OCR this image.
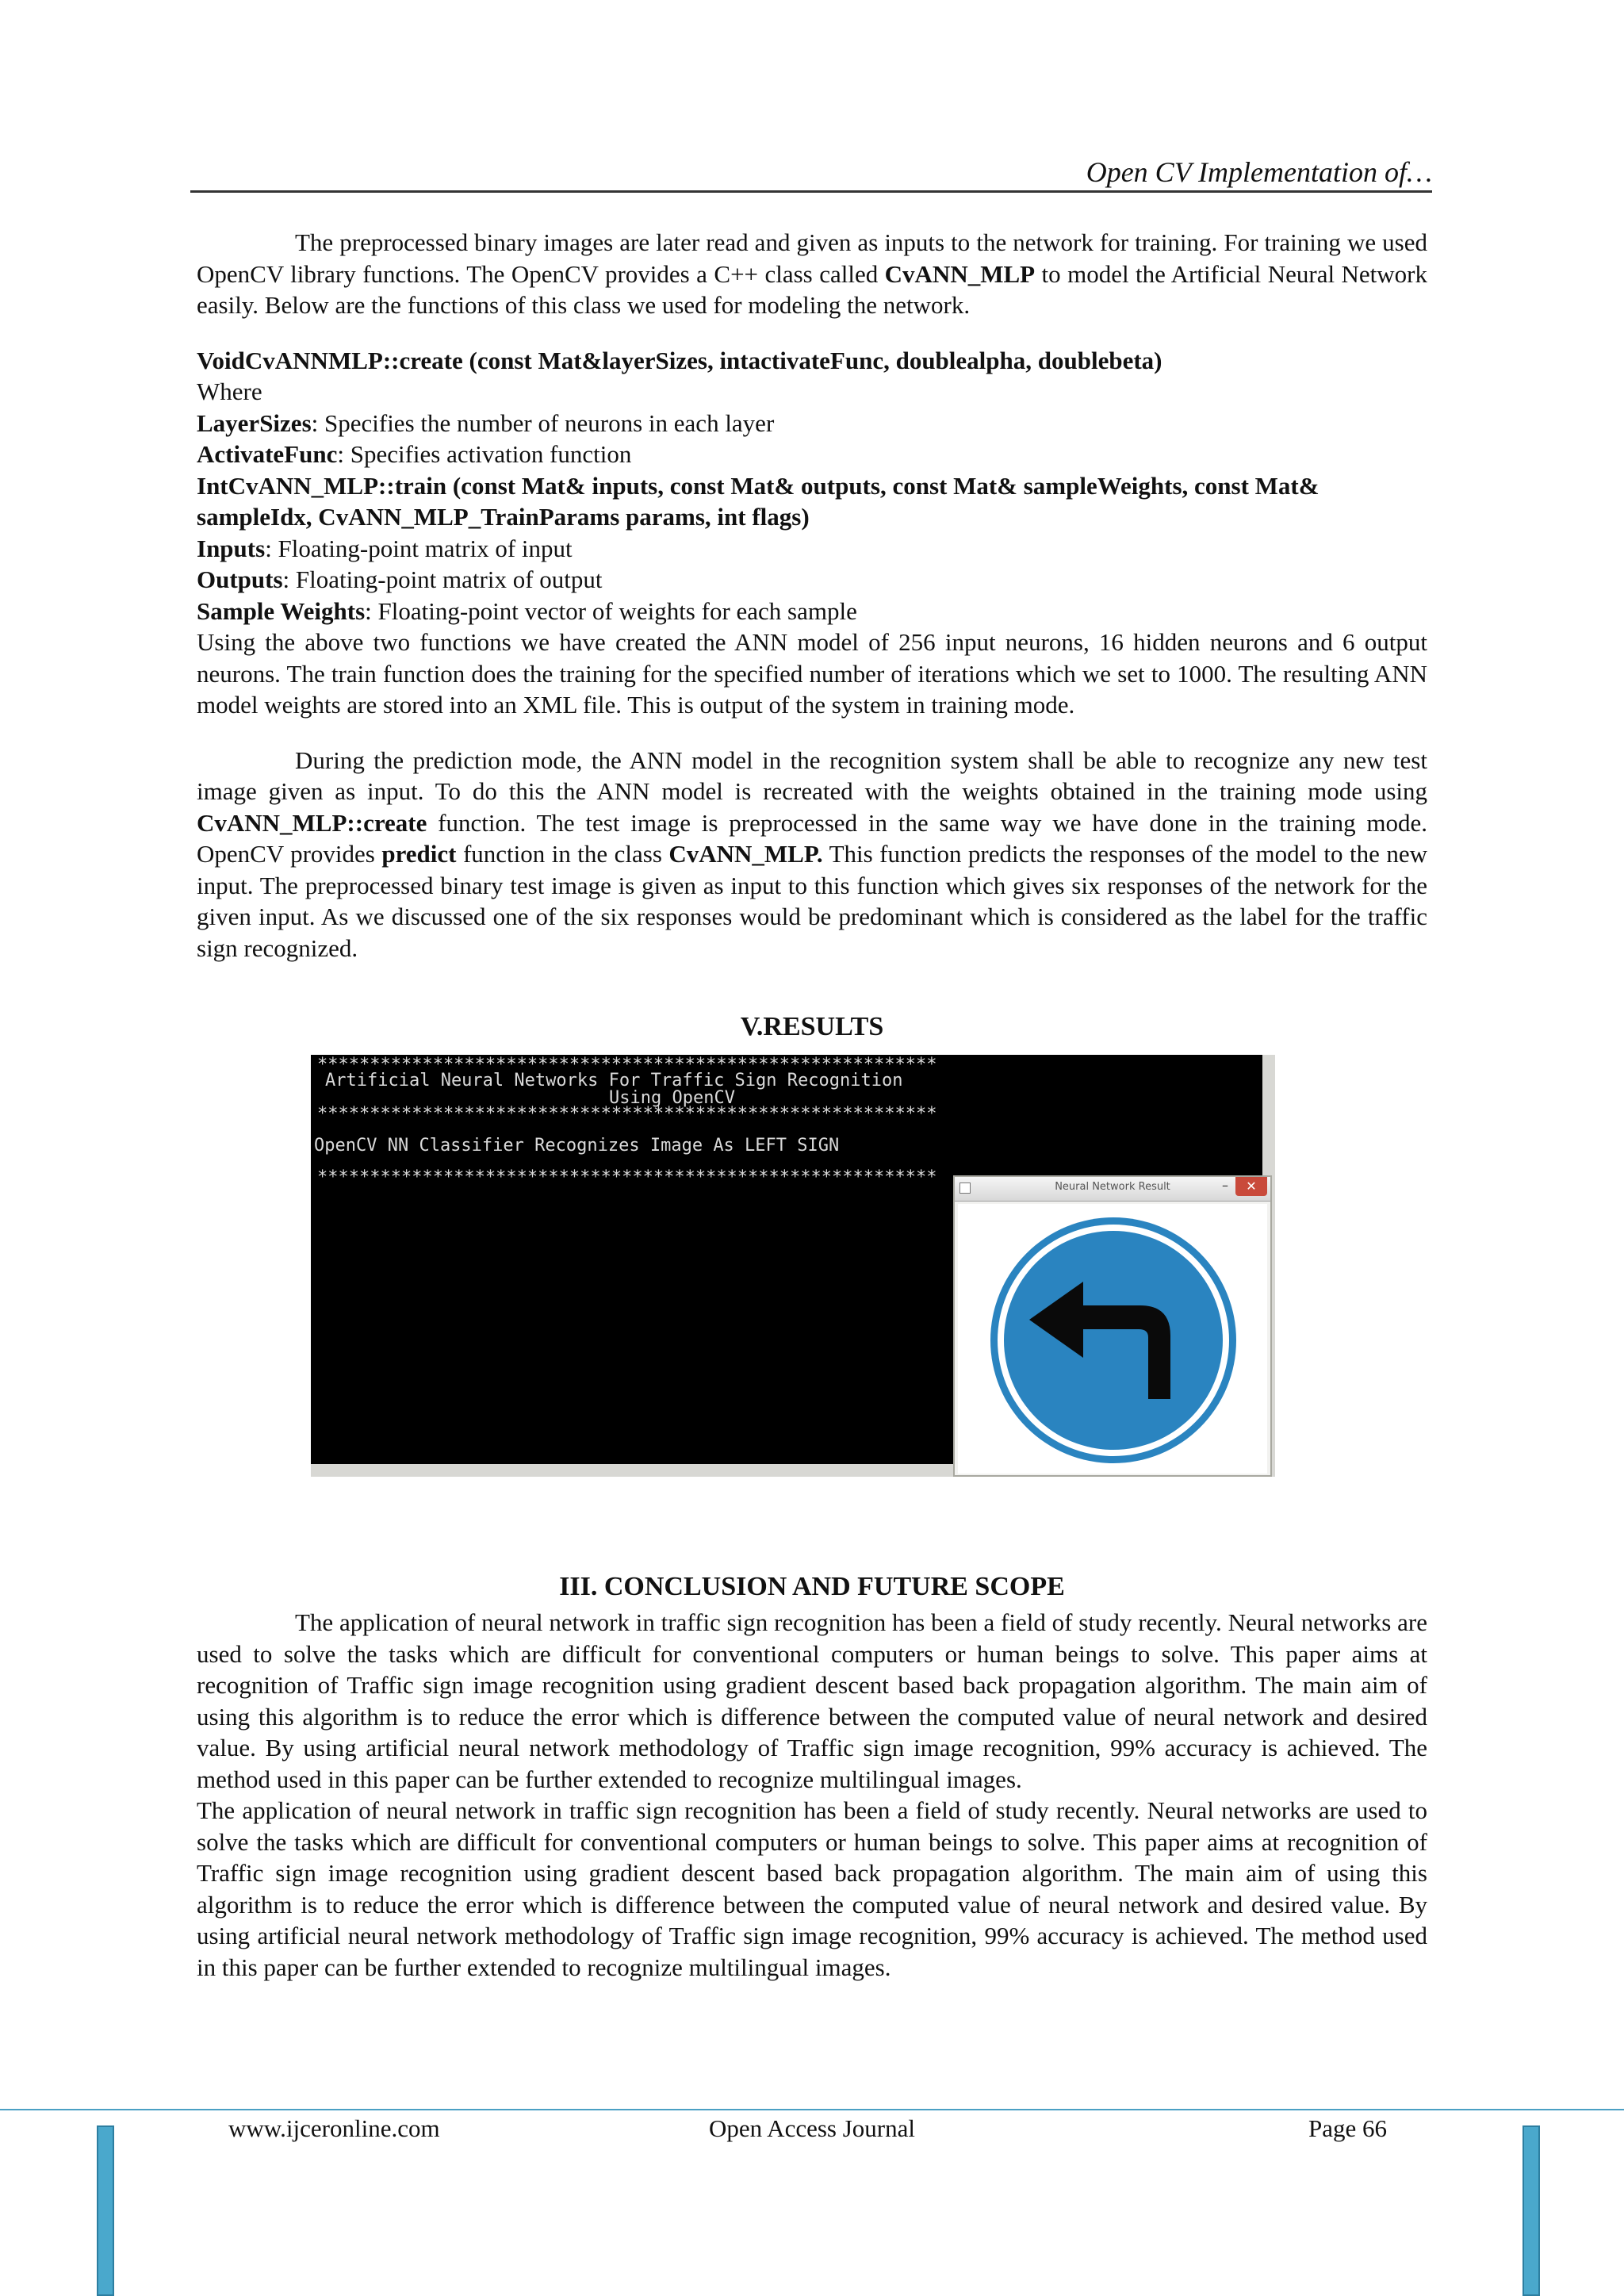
Open CV Implementation of…

The preprocessed binary images are later read and given as inputs to the network for training. For training we used OpenCV library functions. The OpenCV provides a C++ class called CvANN_MLP to model the Artificial Neural Network easily. Below are the functions of this class we used for modeling the network.

VoidCvANNMLP::create (const Mat&layerSizes, intactivateFunc, doublealpha, doublebeta)

Where

LayerSizes: Specifies the number of neurons in each layer

ActivateFunc: Specifies activation function

IntCvANN_MLP::train (const Mat& inputs, const Mat& outputs, const Mat& sampleWeights, const Mat& sampleIdx, CvANN_MLP_TrainParams params, int flags)

Inputs: Floating-point matrix of input

Outputs: Floating-point matrix of output

Sample Weights: Floating-point vector of weights for each sample

Using the above two functions we have created the ANN model of 256 input neurons, 16 hidden neurons and 6 output neurons. The train function does the training for the specified number of iterations which we set to 1000. The resulting ANN model weights are stored into an XML file. This is output of the system in training mode.

During the prediction mode, the ANN model in the recognition system shall be able to recognize any new test image given as input. To do this the ANN model is recreated with the weights obtained in the training mode using CvANN_MLP::create function. The test image is preprocessed in the same way we have done in the training mode. OpenCV provides predict function in the class CvANN_MLP. This function predicts the responses of the model to the new input. The preprocessed binary test image is given as input to this function which gives six responses of the network for the given input. As we discussed one of the six responses would be predominant which is considered as the label for the traffic sign recognized.

V.RESULTS
***********************************************************
Artificial Neural Networks For Traffic Sign Recognition
Using OpenCV
***********************************************************
OpenCV NN Classifier Recognizes Image As LEFT SIGN
***********************************************************	Neural Network Result	–	✕
III. CONCLUSION AND FUTURE SCOPE

The application of neural network in traffic sign recognition has been a field of study recently. Neural networks are used to solve the tasks which are difficult for conventional computers or human beings to solve. This paper aims at recognition of Traffic sign image recognition using gradient descent based back propagation algorithm. The main aim of using this algorithm is to reduce the error which is difference between the computed value of neural network and desired value. By using artificial neural network methodology of Traffic sign image recognition, 99% accuracy is achieved. The method used in this paper can be further extended to recognize multilingual images.

The application of neural network in traffic sign recognition has been a field of study recently. Neural networks are used to solve the tasks which are difficult for conventional computers or human beings to solve. This paper aims at recognition of Traffic sign image recognition using gradient descent based back propagation algorithm. The main aim of using this algorithm is to reduce the error which is difference between the computed value of neural network and desired value. By using artificial neural network methodology of Traffic sign image recognition, 99% accuracy is achieved. The method used in this paper can be further extended to recognize multilingual images.

www.ijceronline.com	Open Access Journal	Page 66
